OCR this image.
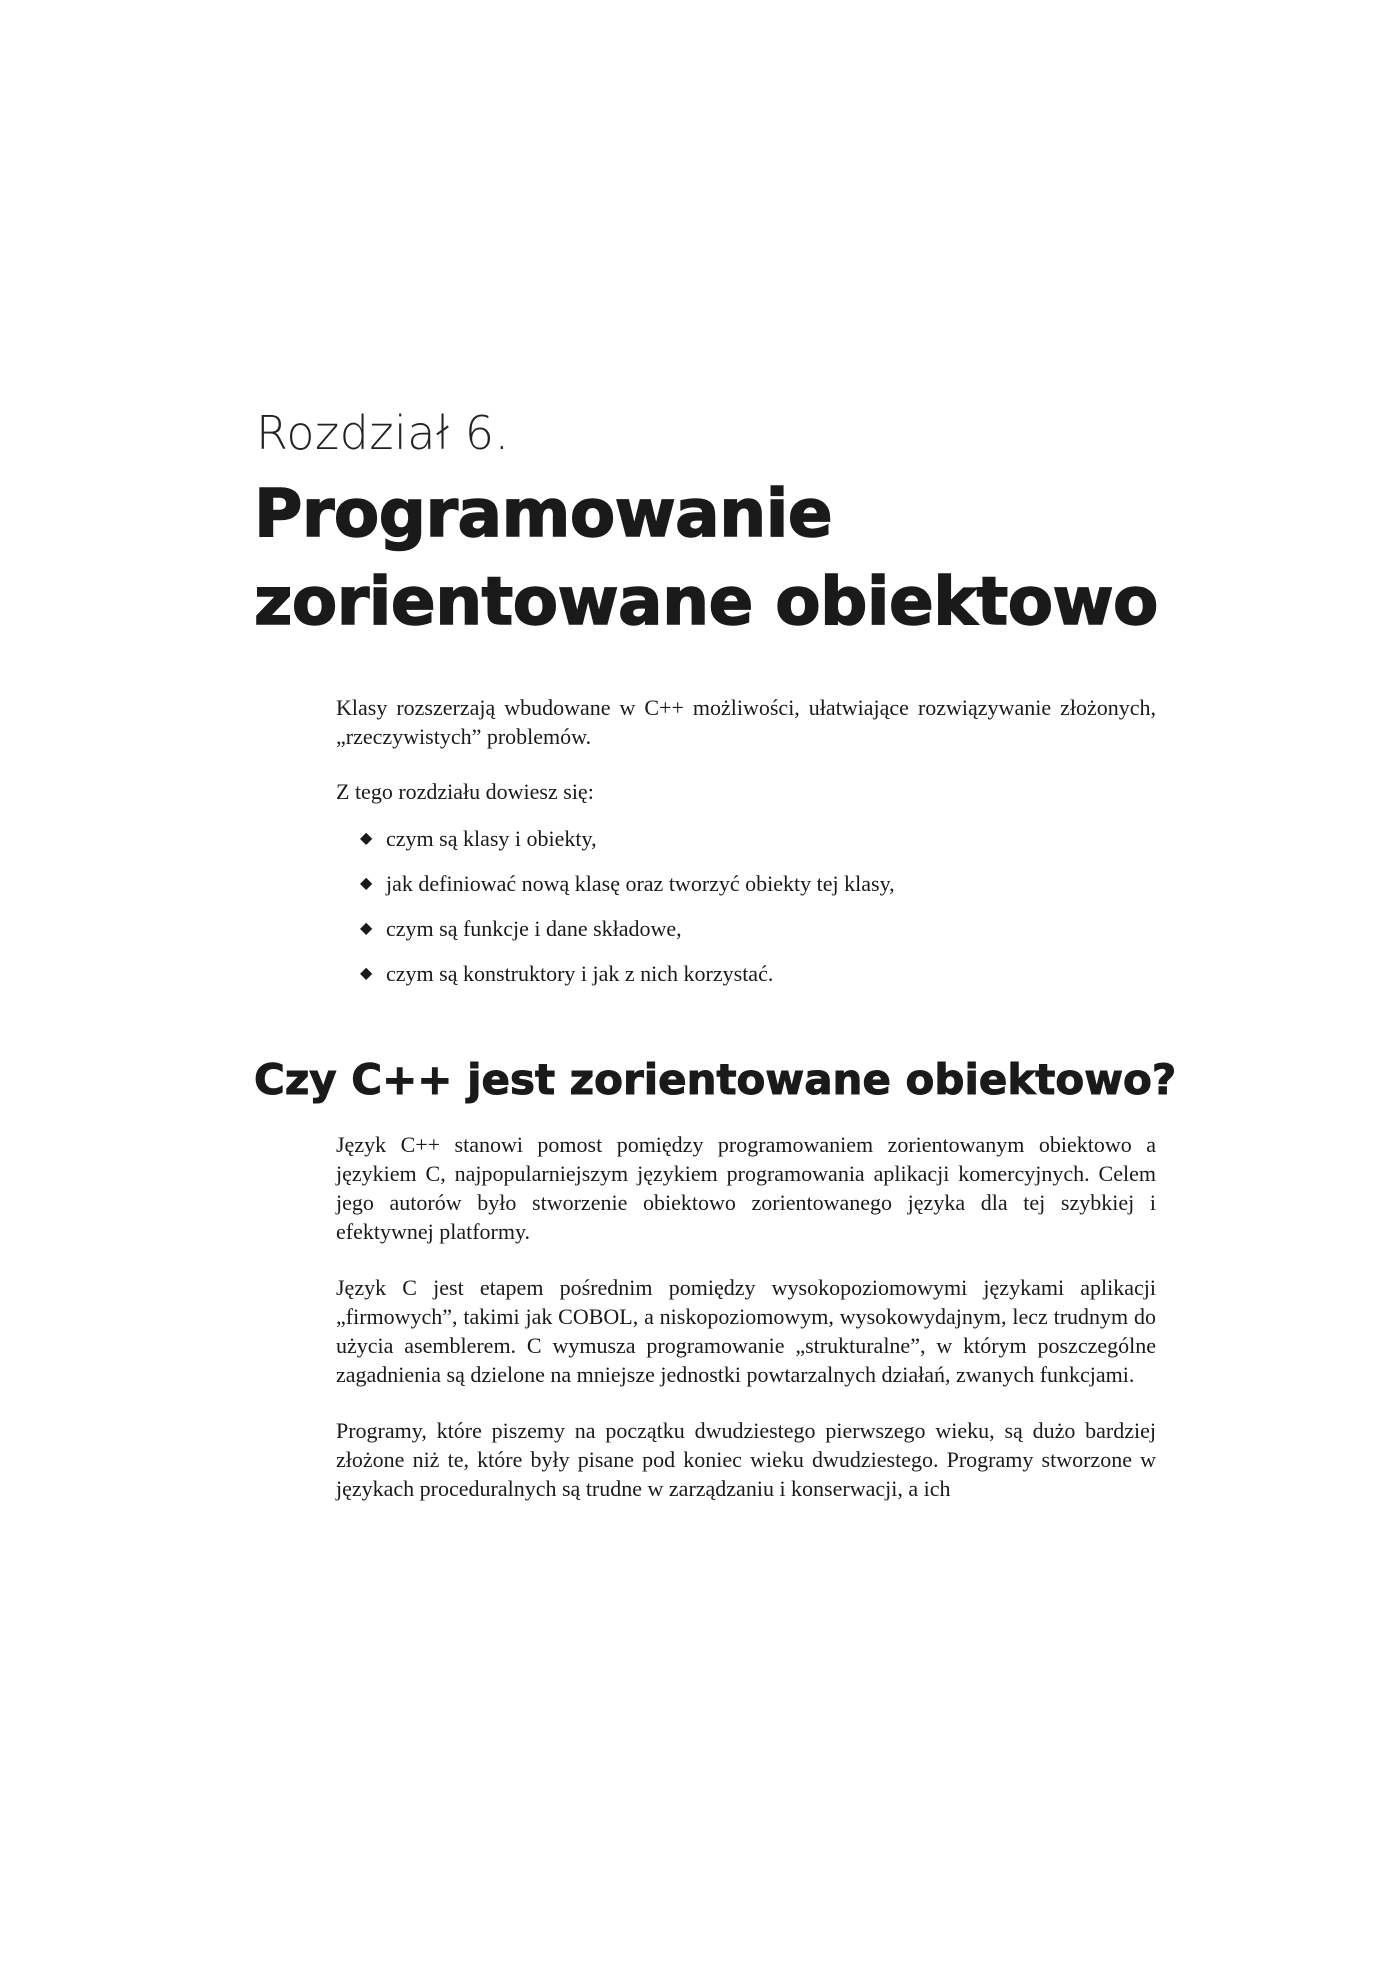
Rozdział 6.
Programowanie
zorientowane obiektowo

Klasy rozszerzają wbudowane w C++ możliwości, ułatwiające rozwiązywanie złożonych, „rzeczywistych” problemów.

Z tego rozdziału dowiesz się:

◆ czym są klasy i obiekty,
◆ jak definiować nową klasę oraz tworzyć obiekty tej klasy,
◆ czym są funkcje i dane składowe,
◆ czym są konstruktory i jak z nich korzystać.
Czy C++ jest zorientowane obiektowo?

Język C++ stanowi pomost pomiędzy programowaniem zorientowanym obiektowo a językiem C, najpopularniejszym językiem programowania aplikacji komercyjnych. Celem jego autorów było stworzenie obiektowo zorientowanego języka dla tej szybkiej i efektywnej platformy.

Język C jest etapem pośrednim pomiędzy wysokopoziomowymi językami aplikacji „firmowych”, takimi jak COBOL, a niskopoziomowym, wysokowydajnym, lecz trudnym do użycia asemblerem. C wymusza programowanie „strukturalne”, w którym poszczególne zagadnienia są dzielone na mniejsze jednostki powtarzalnych działań, zwanych funkcjami.

Programy, które piszemy na początku dwudziestego pierwszego wieku, są dużo bardziej złożone niż te, które były pisane pod koniec wieku dwudziestego. Programy stworzone w językach proceduralnych są trudne w zarządzaniu i konserwacji, a ich
